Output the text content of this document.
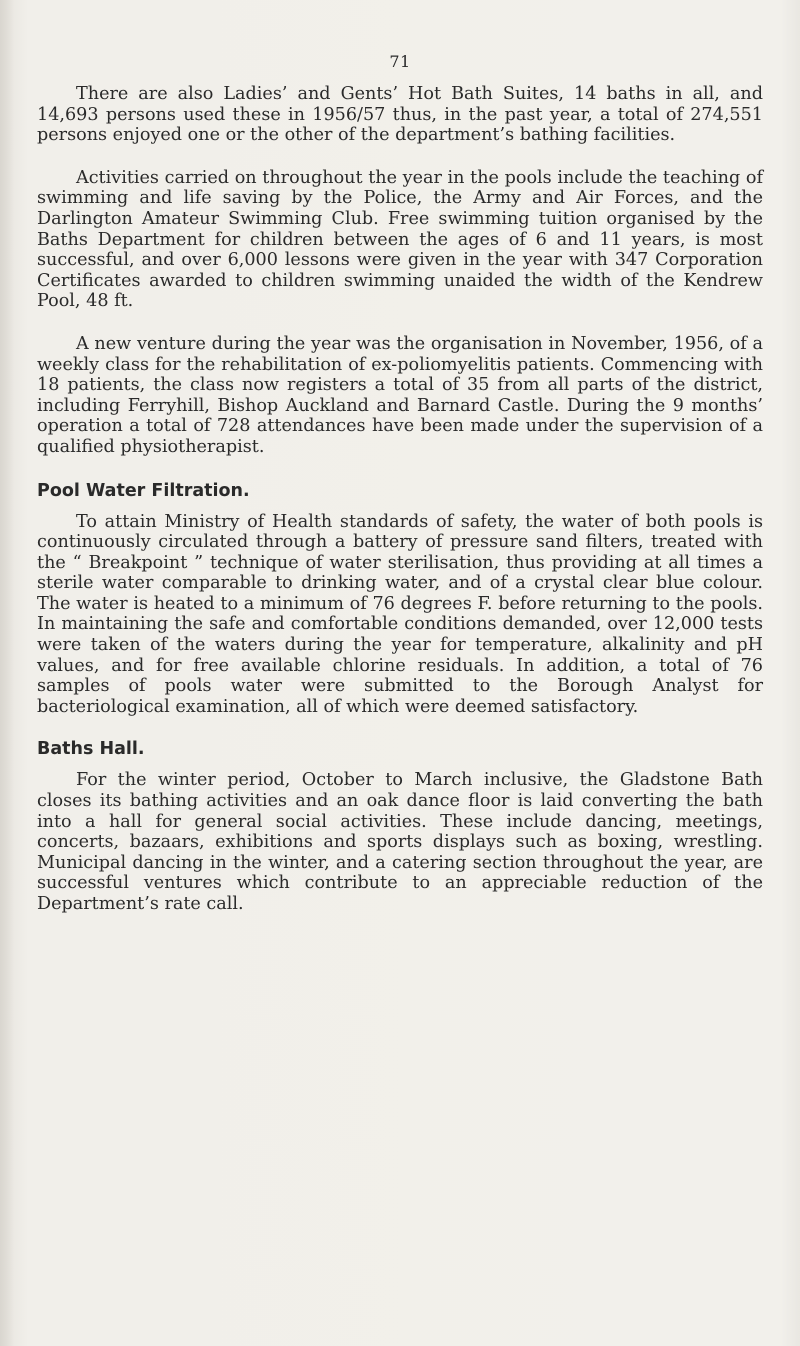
71

There are also Ladies’ and Gents’ Hot Bath Suites, 14 baths in all, and 14,693 persons used these in 1956/57 thus, in the past year, a total of 274,551 persons enjoyed one or the other of the department’s bathing facilities.

Activities carried on throughout the year in the pools include the teaching of swimming and life saving by the Police, the Army and Air Forces, and the Darlington Amateur Swimming Club. Free swimming tuition organised by the Baths Department for children between the ages of 6 and 11 years, is most successful, and over 6,000 lessons were given in the year with 347 Corporation Certificates awarded to children swimming unaided the width of the Kendrew Pool, 48 ft.

A new venture during the year was the organisation in November, 1956, of a weekly class for the rehabilitation of ex-poliomyelitis patients. Commencing with 18 patients, the class now registers a total of 35 from all parts of the district, including Ferryhill, Bishop Auckland and Barnard Castle. During the 9 months’ operation a total of 728 attendances have been made under the supervision of a qualified physiotherapist.

Pool Water Filtration.

To attain Ministry of Health standards of safety, the water of both pools is continuously circulated through a battery of pressure sand filters, treated with the “ Breakpoint ” technique of water sterilisation, thus providing at all times a sterile water comparable to drinking water, and of a crystal clear blue colour. The water is heated to a minimum of 76 degrees F. before returning to the pools. In maintaining the safe and comfortable conditions demanded, over 12,000 tests were taken of the waters during the year for temperature, alkalinity and pH values, and for free available chlorine residuals. In addition, a total of 76 samples of pools water were submitted to the Borough Analyst for bacteriological examination, all of which were deemed satisfactory.

Baths Hall.

For the winter period, October to March inclusive, the Gladstone Bath closes its bathing activities and an oak dance floor is laid converting the bath into a hall for general social activities. These include dancing, meetings, concerts, bazaars, exhibitions and sports displays such as boxing, wrestling. Municipal dancing in the winter, and a catering section throughout the year, are successful ventures which contribute to an appreciable reduction of the Department’s rate call.
